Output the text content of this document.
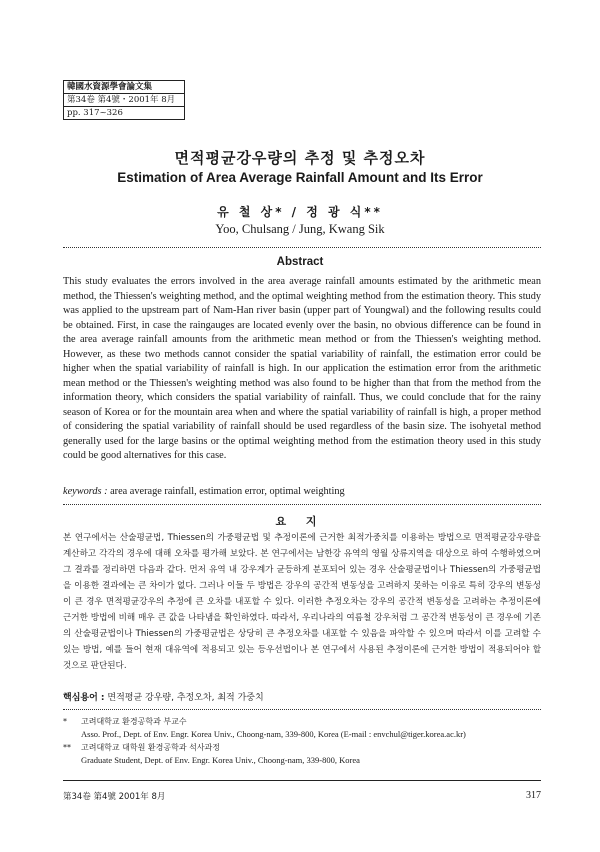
韓國水資源學會論文集
第34卷 第4號・2001年 8月
pp. 317~326
면적평균강우량의 추정 및 추정오차
Estimation of Area Average Rainfall Amount and Its Error
유 철 상* / 정 광 식**
Yoo, Chulsang / Jung, Kwang Sik
Abstract

This study evaluates the errors involved in the area average rainfall amounts estimated by the arithmetic mean method, the Thiessen's weighting method, and the optimal weighting method from the estimation theory. This study was applied to the upstream part of Nam-Han river basin (upper part of Youngwal) and the following results could be obtained. First, in case the raingauges are located evenly over the basin, no obvious difference can be found in the area average rainfall amounts from the arithmetic mean method or from the Thiessen's weighting method. However, as these two methods cannot consider the spatial variability of rainfall, the estimation error could be higher when the spatial variability of rainfall is high. In our application the estimation error from the arithmetic mean method or the Thiessen's weighting method was also found to be higher than that from the method from the information theory, which considers the spatial variability of rainfall. Thus, we could conclude that for the rainy season of Korea or for the mountain area when and where the spatial variability of rainfall is high, a proper method of considering the spatial variability of rainfall should be used regardless of the basin size. The isohyetal method generally used for the large basins or the optimal weighting method from the estimation theory used in this study could be good alternatives for this case.

keywords : area average rainfall, estimation error, optimal weighting
요 지

본 연구에서는 산술평균법, Thiessen의 가중평균법 및 추정이론에 근거한 최적가중치를 이용하는 방법으로 면적평균강우량을 계산하고 각각의 경우에 대해 오차를 평가해 보았다. 본 연구에서는 남한강 유역의 영월 상류지역을 대상으로 하여 수행하였으며 그 결과를 정리하면 다음과 같다. 먼저 유역 내 강우계가 균등하게 분포되어 있는 경우 산술평균법이나 Thiessen의 가중평균법을 이용한 결과에는 큰 차이가 없다. 그러나 이들 두 방법은 강우의 공간적 변동성을 고려하지 못하는 이유로 특히 강우의 변동성이 큰 경우 면적평균강우의 추정에 큰 오차를 내포할 수 있다. 이러한 추정오차는 강우의 공간적 변동성을 고려하는 추정이론에 근거한 방법에 비해 매우 큰 값을 나타냄을 확인하였다. 따라서, 우리나라의 여름철 강우처럼 그 공간적 변동성이 큰 경우에 기존의 산술평균법이나 Thiessen의 가중평균법은 상당히 큰 추정오차를 내포할 수 있음을 파악할 수 있으며 따라서 이를 고려할 수 있는 방법, 예를 들어 현재 대유역에 적용되고 있는 등우선법이나 본 연구에서 사용된 추정이론에 근거한 방법이 적용되어야 할 것으로 판단된다.

핵심용어 : 면적평균 강우량, 추정오차, 최적 가중치
* 고려대학교 환경공학과 부교수
Asso. Prof., Dept. of Env. Engr. Korea Univ., Choong-nam, 339-800, Korea (E-mail : envchul@tiger.korea.ac.kr)
** 고려대학교 대학원 환경공학과 석사과정
Graduate Student, Dept. of Env. Engr. Korea Univ., Choong-nam, 339-800, Korea
第34卷 第4號 2001年 8月	317
